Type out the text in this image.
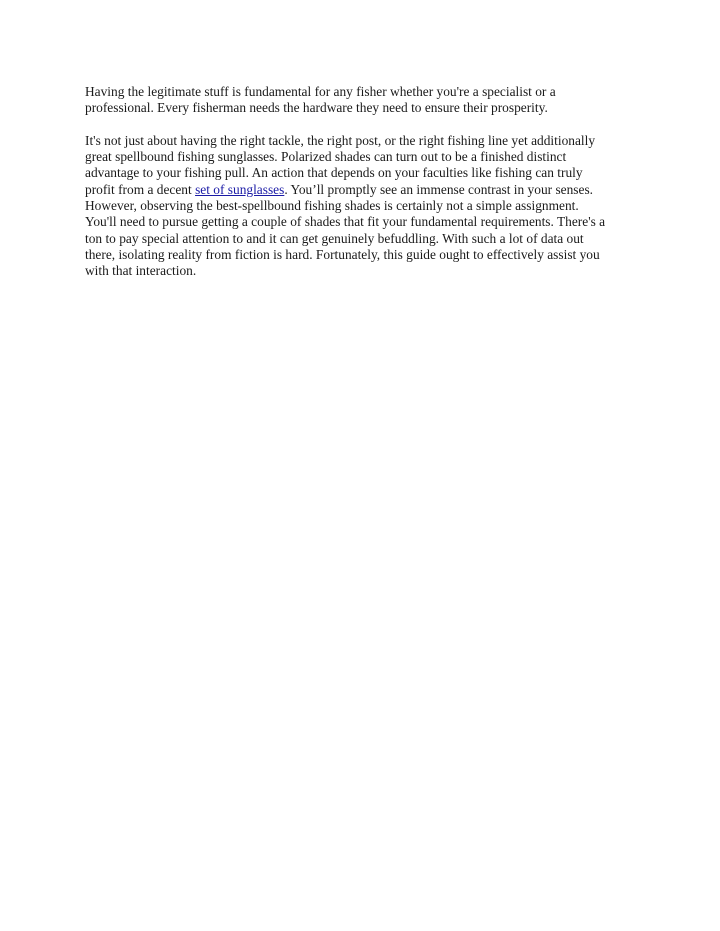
Having the legitimate stuff is fundamental for any fisher whether you're a specialist or a
professional. Every fisherman needs the hardware they need to ensure their prosperity.

It's not just about having the right tackle, the right post, or the right fishing line yet additionally
great spellbound fishing sunglasses. Polarized shades can turn out to be a finished distinct
advantage to your fishing pull. An action that depends on your faculties like fishing can truly
profit from a decent set of sunglasses. You’ll promptly see an immense contrast in your senses.
However, observing the best-spellbound fishing shades is certainly not a simple assignment.
You'll need to pursue getting a couple of shades that fit your fundamental requirements. There's a
ton to pay special attention to and it can get genuinely befuddling. With such a lot of data out
there, isolating reality from fiction is hard. Fortunately, this guide ought to effectively assist you
with that interaction.
